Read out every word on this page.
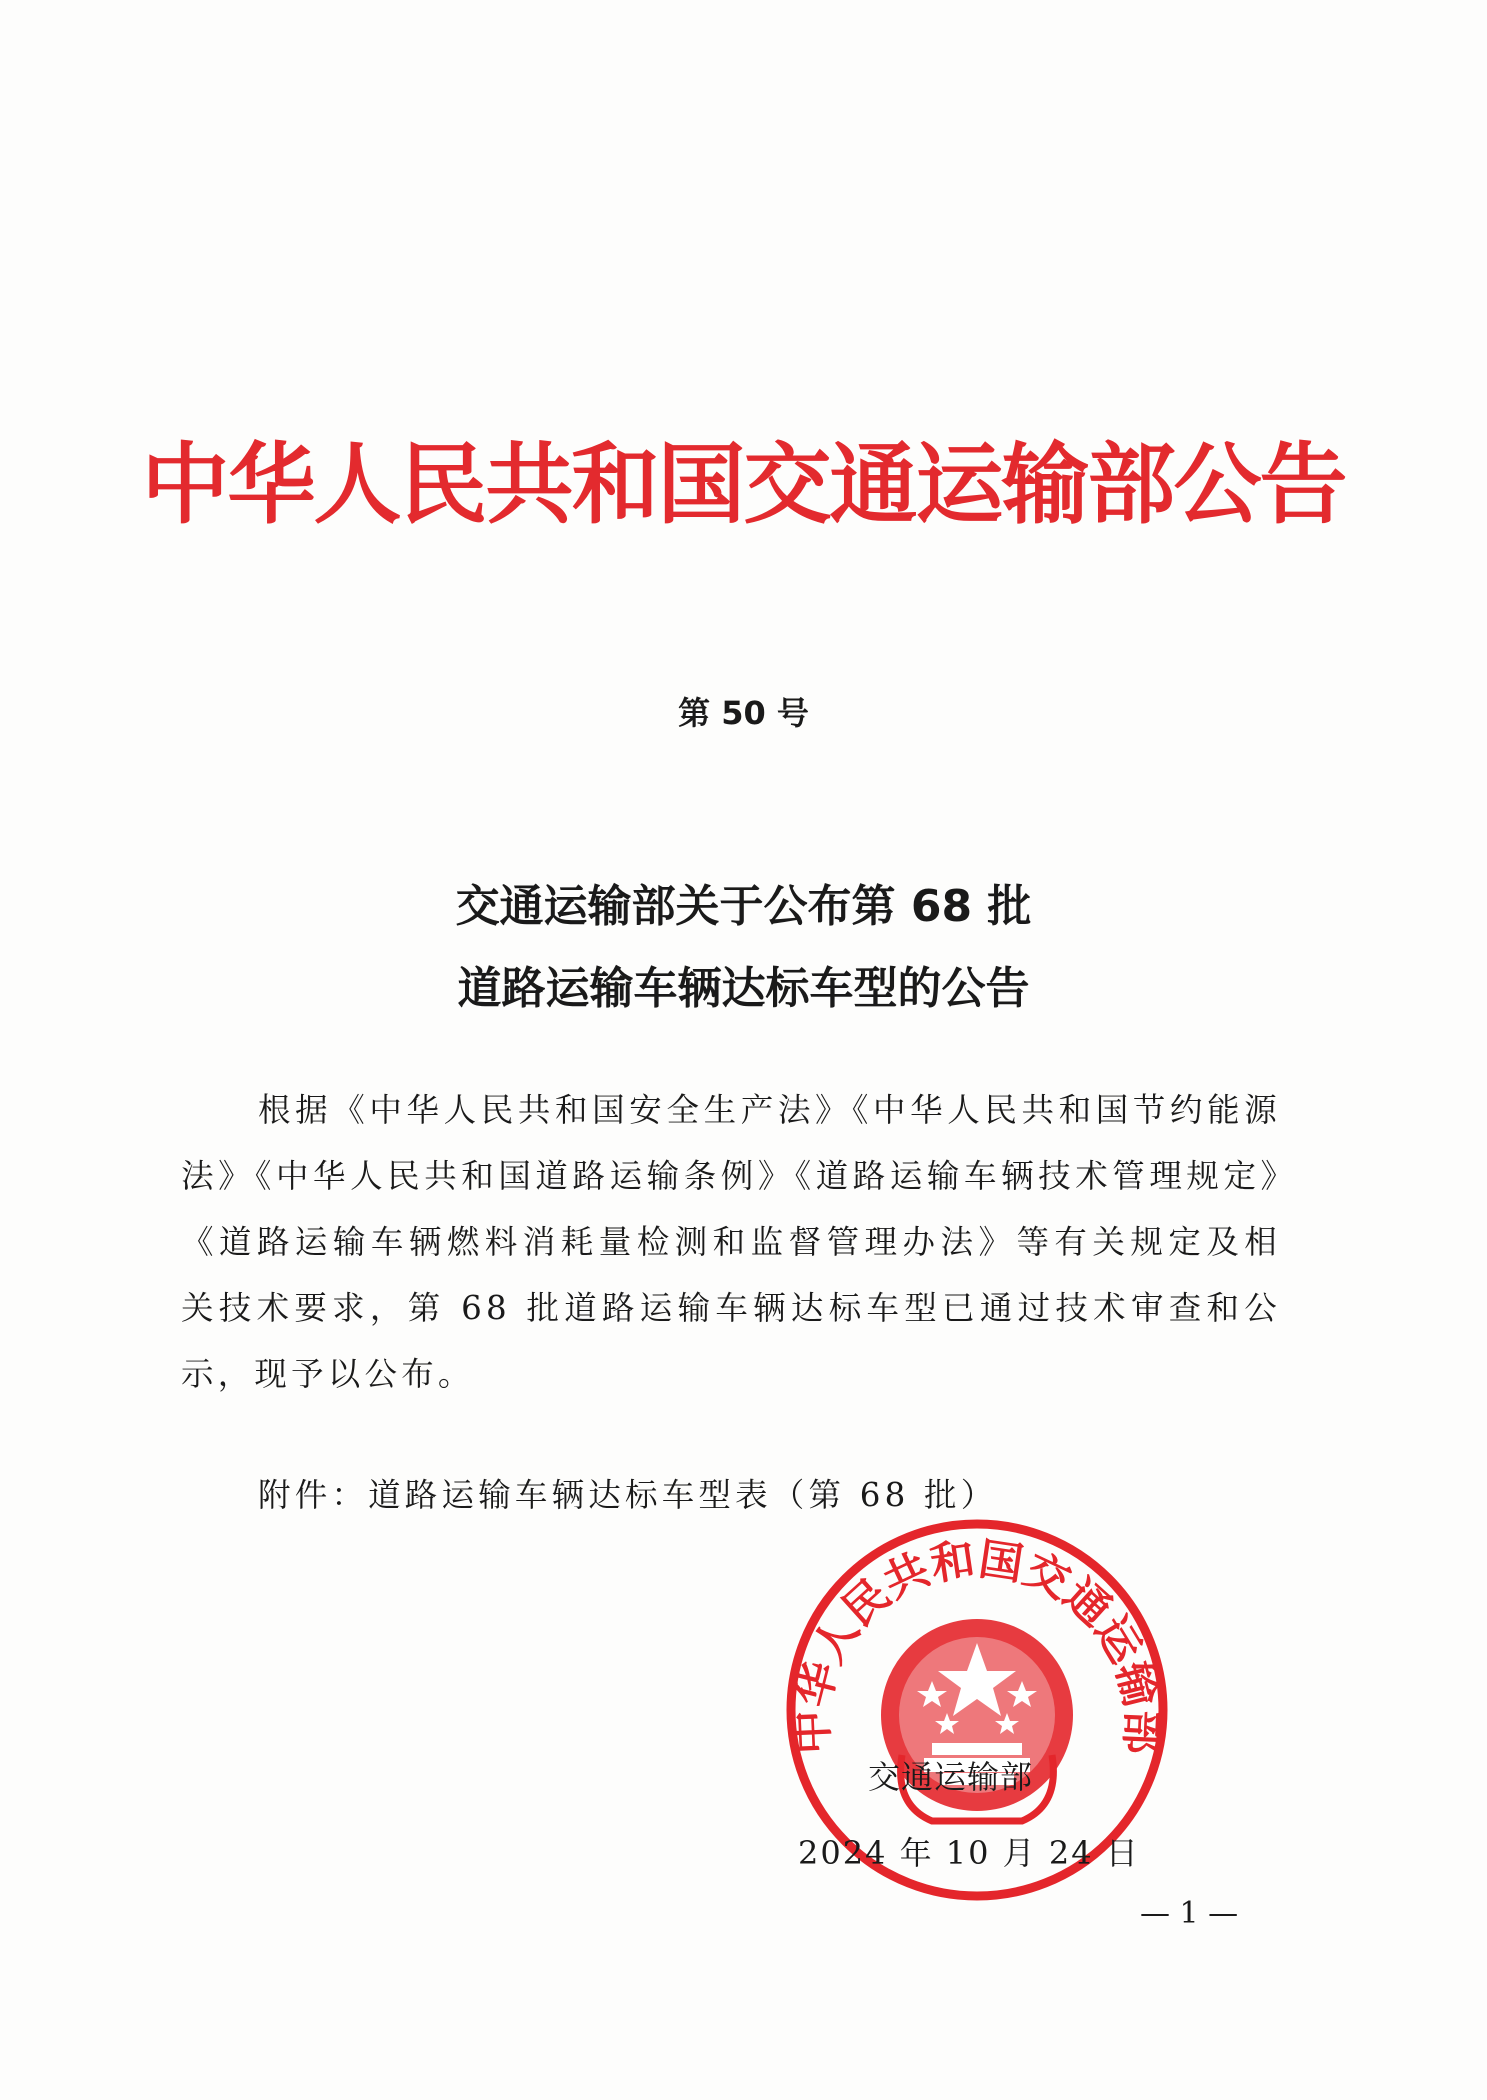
中华人民共和国交通运输部公告
第 50 号
交通运输部关于公布第 68 批
道路运输车辆达标车型的公告
根据《中华人民共和国安全生产法》《中华人民共和国节约能源法》《中华人民共和国道路运输条例》《道路运输车辆技术管理规定》《道路运输车辆燃料消耗量检测和监督管理办法》等有关规定及相关技术要求，第 68 批道路运输车辆达标车型已通过技术审查和公示，现予以公布。
附件：道路运输车辆达标车型表（第 68 批）
中华人民共和国交通运输部
交通运输部
2024 年 10 月 24 日
— 1 —
